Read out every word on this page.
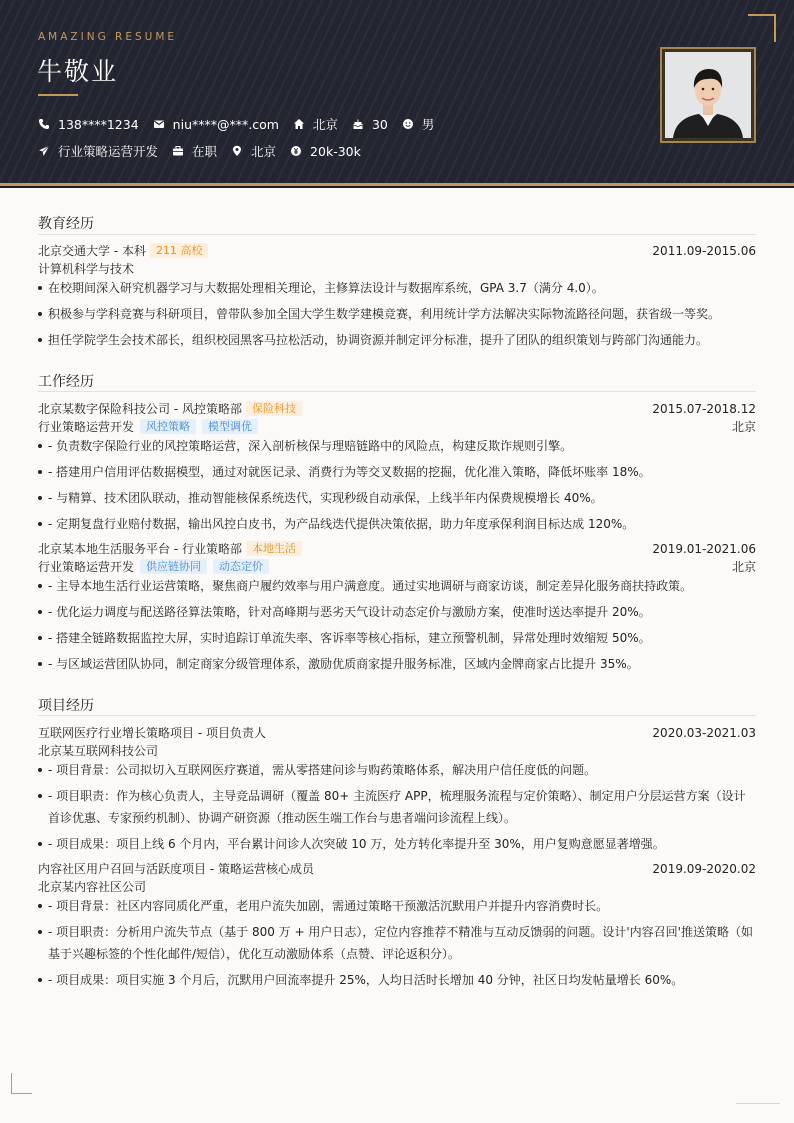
AMAZING RESUME
牛敬业
138****1234	niu****@***.com	北京	30	男
行业策略运营开发	在职	北京	20k-30k
教育经历
北京交通大学 - 本科 211 高校	2011.09-2015.06
计算机科学与技术
在校期间深入研究机器学习与大数据处理相关理论，主修算法设计与数据库系统，GPA 3.7（满分 4.0）。
积极参与学科竞赛与科研项目，曾带队参加全国大学生数学建模竞赛，利用统计学方法解决实际物流路径问题，获省级一等奖。
担任学院学生会技术部长，组织校园黑客马拉松活动，协调资源并制定评分标准，提升了团队的组织策划与跨部门沟通能力。
工作经历
北京某数字保险科技公司 - 风控策略部 保险科技	2015.07-2018.12
行业策略运营开发	风控策略	模型调优	北京
- 负责数字保险行业的风控策略运营，深入剖析核保与理赔链路中的风险点，构建反欺诈规则引擎。
- 搭建用户信用评估数据模型，通过对就医记录、消费行为等交叉数据的挖掘，优化准入策略，降低坏账率 18%。
- 与精算、技术团队联动，推动智能核保系统迭代，实现秒级自动承保，上线半年内保费规模增长 40%。
- 定期复盘行业赔付数据，输出风控白皮书，为产品线迭代提供决策依据，助力年度承保利润目标达成 120%。
北京某本地生活服务平台 - 行业策略部 本地生活	2019.01-2021.06
行业策略运营开发	供应链协同	动态定价	北京
- 主导本地生活行业运营策略，聚焦商户履约效率与用户满意度。通过实地调研与商家访谈，制定差异化服务商扶持政策。
- 优化运力调度与配送路径算法策略，针对高峰期与恶劣天气设计动态定价与激励方案，使准时送达率提升 20%。
- 搭建全链路数据监控大屏，实时追踪订单流失率、客诉率等核心指标，建立预警机制，异常处理时效缩短 50%。
- 与区域运营团队协同，制定商家分级管理体系，激励优质商家提升服务标准，区域内金牌商家占比提升 35%。
项目经历
互联网医疗行业增长策略项目 - 项目负责人	2020.03-2021.03
北京某互联网科技公司
- 项目背景：公司拟切入互联网医疗赛道，需从零搭建问诊与购药策略体系，解决用户信任度低的问题。
- 项目职责：作为核心负责人，主导竞品调研（覆盖 80+ 主流医疗 APP，梳理服务流程与定价策略）、制定用户分层运营方案（设计首诊优惠、专家预约机制）、协调产研资源（推动医生端工作台与患者端问诊流程上线）。
- 项目成果：项目上线 6 个月内，平台累计问诊人次突破 10 万，处方转化率提升至 30%，用户复购意愿显著增强。
内容社区用户召回与活跃度项目 - 策略运营核心成员	2019.09-2020.02
北京某内容社区公司
- 项目背景：社区内容同质化严重，老用户流失加剧，需通过策略干预激活沉默用户并提升内容消费时长。
- 项目职责：分析用户流失节点（基于 800 万 + 用户日志），定位内容推荐不精准与互动反馈弱的问题。设计'内容召回'推送策略（如基于兴趣标签的个性化邮件/短信），优化互动激励体系（点赞、评论返积分）。
- 项目成果：项目实施 3 个月后，沉默用户回流率提升 25%，人均日活时长增加 40 分钟，社区日均发帖量增长 60%。
